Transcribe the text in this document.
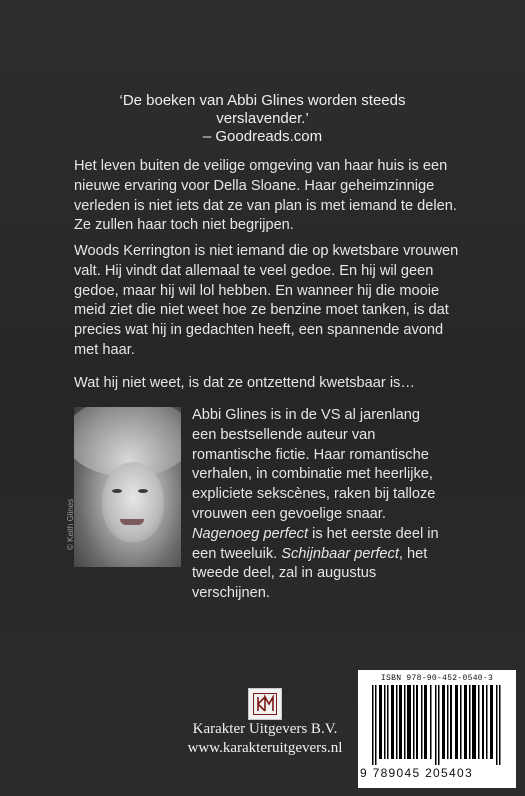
‘De boeken van Abbi Glines worden steeds
verslavender.’
– Goodreads.com

Het leven buiten de veilige omgeving van haar huis is een nieuwe ervaring voor Della Sloane. Haar geheimzinnige verleden is niet iets dat ze van plan is met iemand te delen. Ze zullen haar toch niet begrijpen.

Woods Kerrington is niet iemand die op kwetsbare vrouwen valt. Hij vindt dat allemaal te veel gedoe. En hij wil geen gedoe, maar hij wil lol hebben. En wanneer hij die mooie meid ziet die niet weet hoe ze benzine moet tanken, is dat precies wat hij in gedachten heeft, een spannende avond met haar.

Wat hij niet weet, is dat ze ontzettend kwetsbaar is…

© Keith Glines

Abbi Glines is in de VS al jarenlang een bestsellende auteur van romantische fictie. Haar romantische verhalen, in combinatie met heerlijke, expliciete sekscènes, raken bij talloze vrouwen een gevoelige snaar. Nagenoeg perfect is het eerste deel in een tweeluik. Schijnbaar perfect, het tweede deel, zal in augustus verschijnen.

Karakter Uitgevers B.V.
www.karakteruitgevers.nl
ISBN 978-90-452-0540-3
9 789045 205403
